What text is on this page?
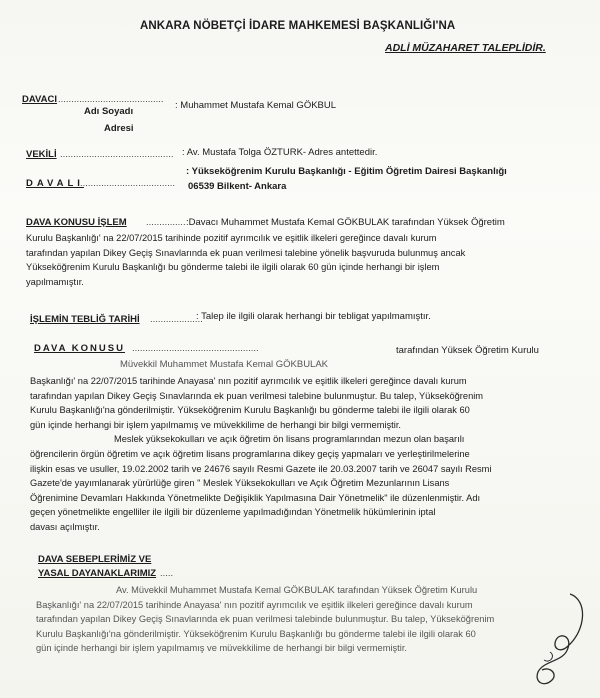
ANKARA NÖBETÇİ İDARE MAHKEMESİ BAŞKANLIĞI'NA
ADLİ MÜZAHARET TALEPLİDİR.
DAVACI ........................................
Adı Soyadı
: Muhammet Mustafa Kemal GÖKBUL
Adresi
VEKİLİ ........................................... : Av. Mustafa Tolga ÖZTURK- Adres antettedir.
DAVALI
....................................
: Yükseköğrenim Kurulu Başkanlığı - Eğitim Öğretim Dairesi Başkanlığı
06539 Bilkent- Ankara
DAVA KONUSU İŞLEM ............... :Davacı Muhammet Mustafa Kemal GÖKBULAK tarafından Yüksek Öğretim

Kurulu Başkanlığı' na 22/07/2015 tarihinde pozitif ayrımcılık ve eşitlik ilkeleri gereğince davalı kurum

tarafından yapılan Dikey Geçiş Sınavlarında ek puan verilmesi talebine yönelik başvuruda bulunmuş ancak

Yükseköğrenim Kurulu Başkanlığı bu gönderme talebi ile ilgili olarak 60 gün içinde herhangi bir işlem

yapılmamıştır.

İŞLEMİN TEBLİĞ TARİHİ ....................
: Talep ile ilgili olarak herhangi bir tebligat yapılmamıştır.
DAVA KONUSU ................................................	tarafından Yüksek Öğretim Kurulu
Müvekkil Muhammet Mustafa Kemal GÖKBULAK

Başkanlığı' na 22/07/2015 tarihinde Anayasa' nın pozitif ayrımcılık ve eşitlik ilkeleri gereğince davalı kurum

tarafından yapılan Dikey Geçiş Sınavlarında ek puan verilmesi talebine bulunmuştur. Bu talep, Yükseköğrenim

Kurulu Başkanlığı'na gönderilmiştir. Yükseköğrenim Kurulu Başkanlığı bu gönderme talebi ile ilgili olarak 60

gün içinde herhangi bir işlem yapılmamış ve müvekkilime de herhangi bir bilgi vermemiştir.

Meslek yüksekokulları ve açık öğretim ön lisans programlarından mezun olan başarılı

öğrencilerin örgün öğretim ve açık öğretim lisans programlarına dikey geçiş yapmaları ve yerleştirilmelerine

ilişkin esas ve usuller, 19.02.2002 tarih ve 24676 sayılı Resmi Gazete ile 20.03.2007 tarih ve 26047 sayılı Resmi

Gazete'de yayımlanarak yürürlüğe giren " Meslek Yüksekokulları ve Açık Öğretim Mezunlarının Lisans

Öğrenimine Devamları Hakkında Yönetmelikte Değişiklik Yapılmasına Dair Yönetmelik" ile düzenlenmiştir. Adı

geçen yönetmelikte engelliler ile ilgili bir düzenleme yapılmadığından Yönetmelik hükümlerinin iptal

davası açılmıştır.

DAVA SEBEPLERİMİZ VE
YASAL DAYANAKLARIMIZ .....

Av. Müvekkil Muhammet Mustafa Kemal GÖKBULAK tarafından Yüksek Öğretim Kurulu

Başkanlığı' na 22/07/2015 tarihinde Anayasa' nın pozitif ayrımcılık ve eşitlik ilkeleri gereğince davalı kurum

tarafından yapılan Dikey Geçiş Sınavlarında ek puan verilmesi talebinde bulunmuştur. Bu talep, Yükseköğrenim

Kurulu Başkanlığı'na gönderilmiştir. Yükseköğrenim Kurulu Başkanlığı bu gönderme talebi ile ilgili olarak 60

gün içinde herhangi bir işlem yapılmamış ve müvekkilime de herhangi bir bilgi vermemiştir.
